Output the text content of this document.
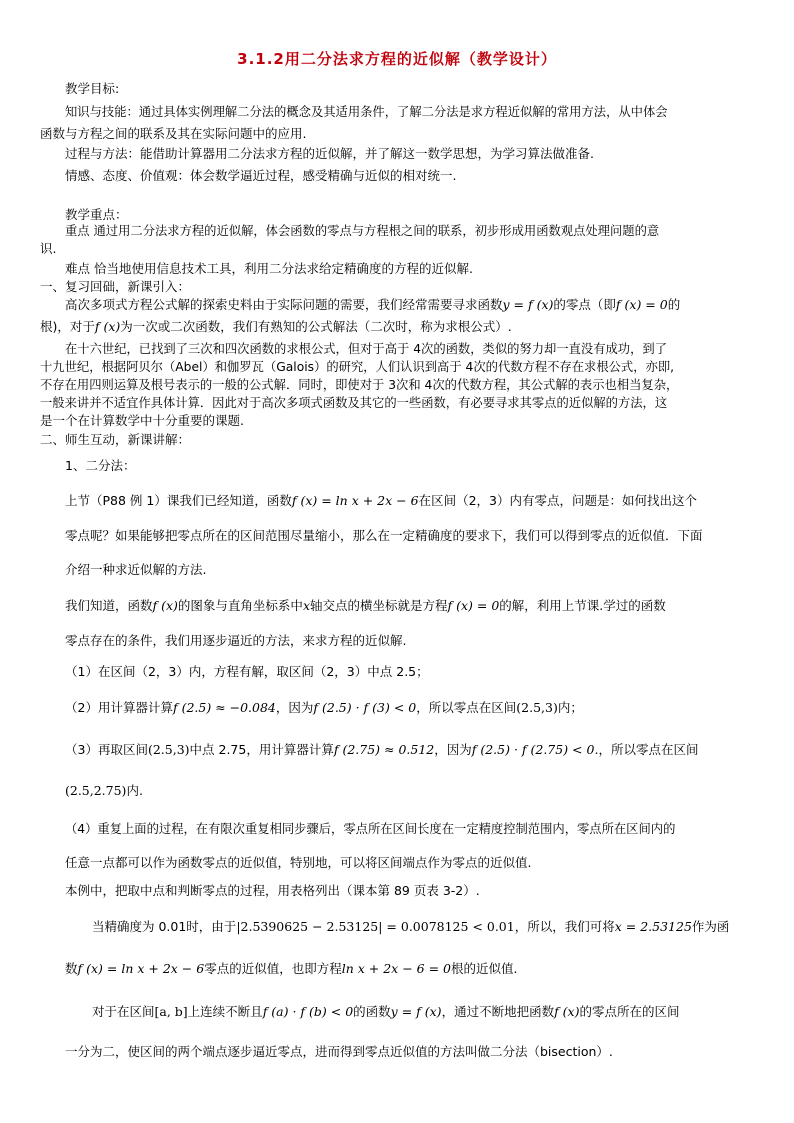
3.1.2用二分法求方程的近似解（教学设计）
教学目标:
知识与技能：通过具体实例理解二分法的概念及其适用条件，了解二分法是求方程近似解的常用方法，从中体会
函数与方程之间的联系及其在实际问题中的应用.
过程与方法：能借助计算器用二分法求方程的近似解，并了解这一数学思想，为学习算法做准备.
情感、态度、价值观：体会数学逼近过程，感受精确与近似的相对统一.
教学重点：
重点 通过用二分法求方程的近似解，体会函数的零点与方程根之间的联系，初步形成用函数观点处理问题的意
识.
难点 恰当地使用信息技术工具，利用二分法求给定精确度的方程的近似解.
一、复习回础，新课引入：
高次多项式方程公式解的探索史料由于实际问题的需要，我们经常需要寻求函数y = f (x)的零点（即f (x) = 0的
根)，对于f (x)为一次或二次函数，我们有熟知的公式解法（二次时，称为求根公式）.
在十六世纪，已找到了三次和四次函数的求根公式，但对于高于 4次的函数，类似的努力却一直没有成功，到了
十九世纪，根据阿贝尔（Abel）和伽罗瓦（Galois）的研究，人们认识到高于 4次的代数方程不存在求根公式，亦即,
不存在用四则运算及根号表示的一般的公式解．同时，即使对于 3次和 4次的代数方程，其公式解的表示也相当复杂，
一般来讲并不适宜作具体计算．因此对于高次多项式函数及其它的一些函数，有必要寻求其零点的近似解的方法，这
是一个在计算数学中十分重要的课题.
二、师生互动，新课讲解：
1、二分法：
上节（P88 例 1）课我们已经知道，函数f (x) = ln x + 2x − 6在区间（2，3）内有零点，问题是：如何找出这个
零点呢？如果能够把零点所在的区间范围尽量缩小，那么在一定精确度的要求下，我们可以得到零点的近似值．下面
介绍一种求近似解的方法.
我们知道，函数f (x)的图象与直角坐标系中x轴交点的横坐标就是方程f (x) = 0的解，利用上节课.学过的函数
零点存在的条件，我们用逐步逼近的方法，来求方程的近似解.
（1）在区间（2，3）内，方程有解，取区间（2，3）中点 2.5；
（2）用计算器计算f (2.5) ≈ −0.084，因为f (2.5) · f (3) < 0，所以零点在区间(2.5,3)内；
（3）再取区间(2.5,3)中点 2.75，用计算器计算f (2.75) ≈ 0.512，因为f (2.5) · f (2.75) < 0.，所以零点在区间
(2.5,2.75)内.
（4）重复上面的过程，在有限次重复相同步骤后，零点所在区间长度在一定精度控制范围内，零点所在区间内的
任意一点都可以作为函数零点的近似值，特别地，可以将区间端点作为零点的近似值.
本例中，把取中点和判断零点的过程，用表格列出（课本第 89 页表 3-2）.
当精确度为 0.01时，由于|2.5390625 − 2.53125| = 0.0078125 < 0.01，所以，我们可将x = 2.53125作为函
数f (x) = ln x + 2x − 6零点的近似值，也即方程ln x + 2x − 6 = 0根的近似值.
对于在区间[a, b]上连续不断且f (a) · f (b) < 0的函数y = f (x)，通过不断地把函数f (x)的零点所在的区间
一分为二，使区间的两个端点逐步逼近零点，进而得到零点近似值的方法叫做二分法（bisection）.
